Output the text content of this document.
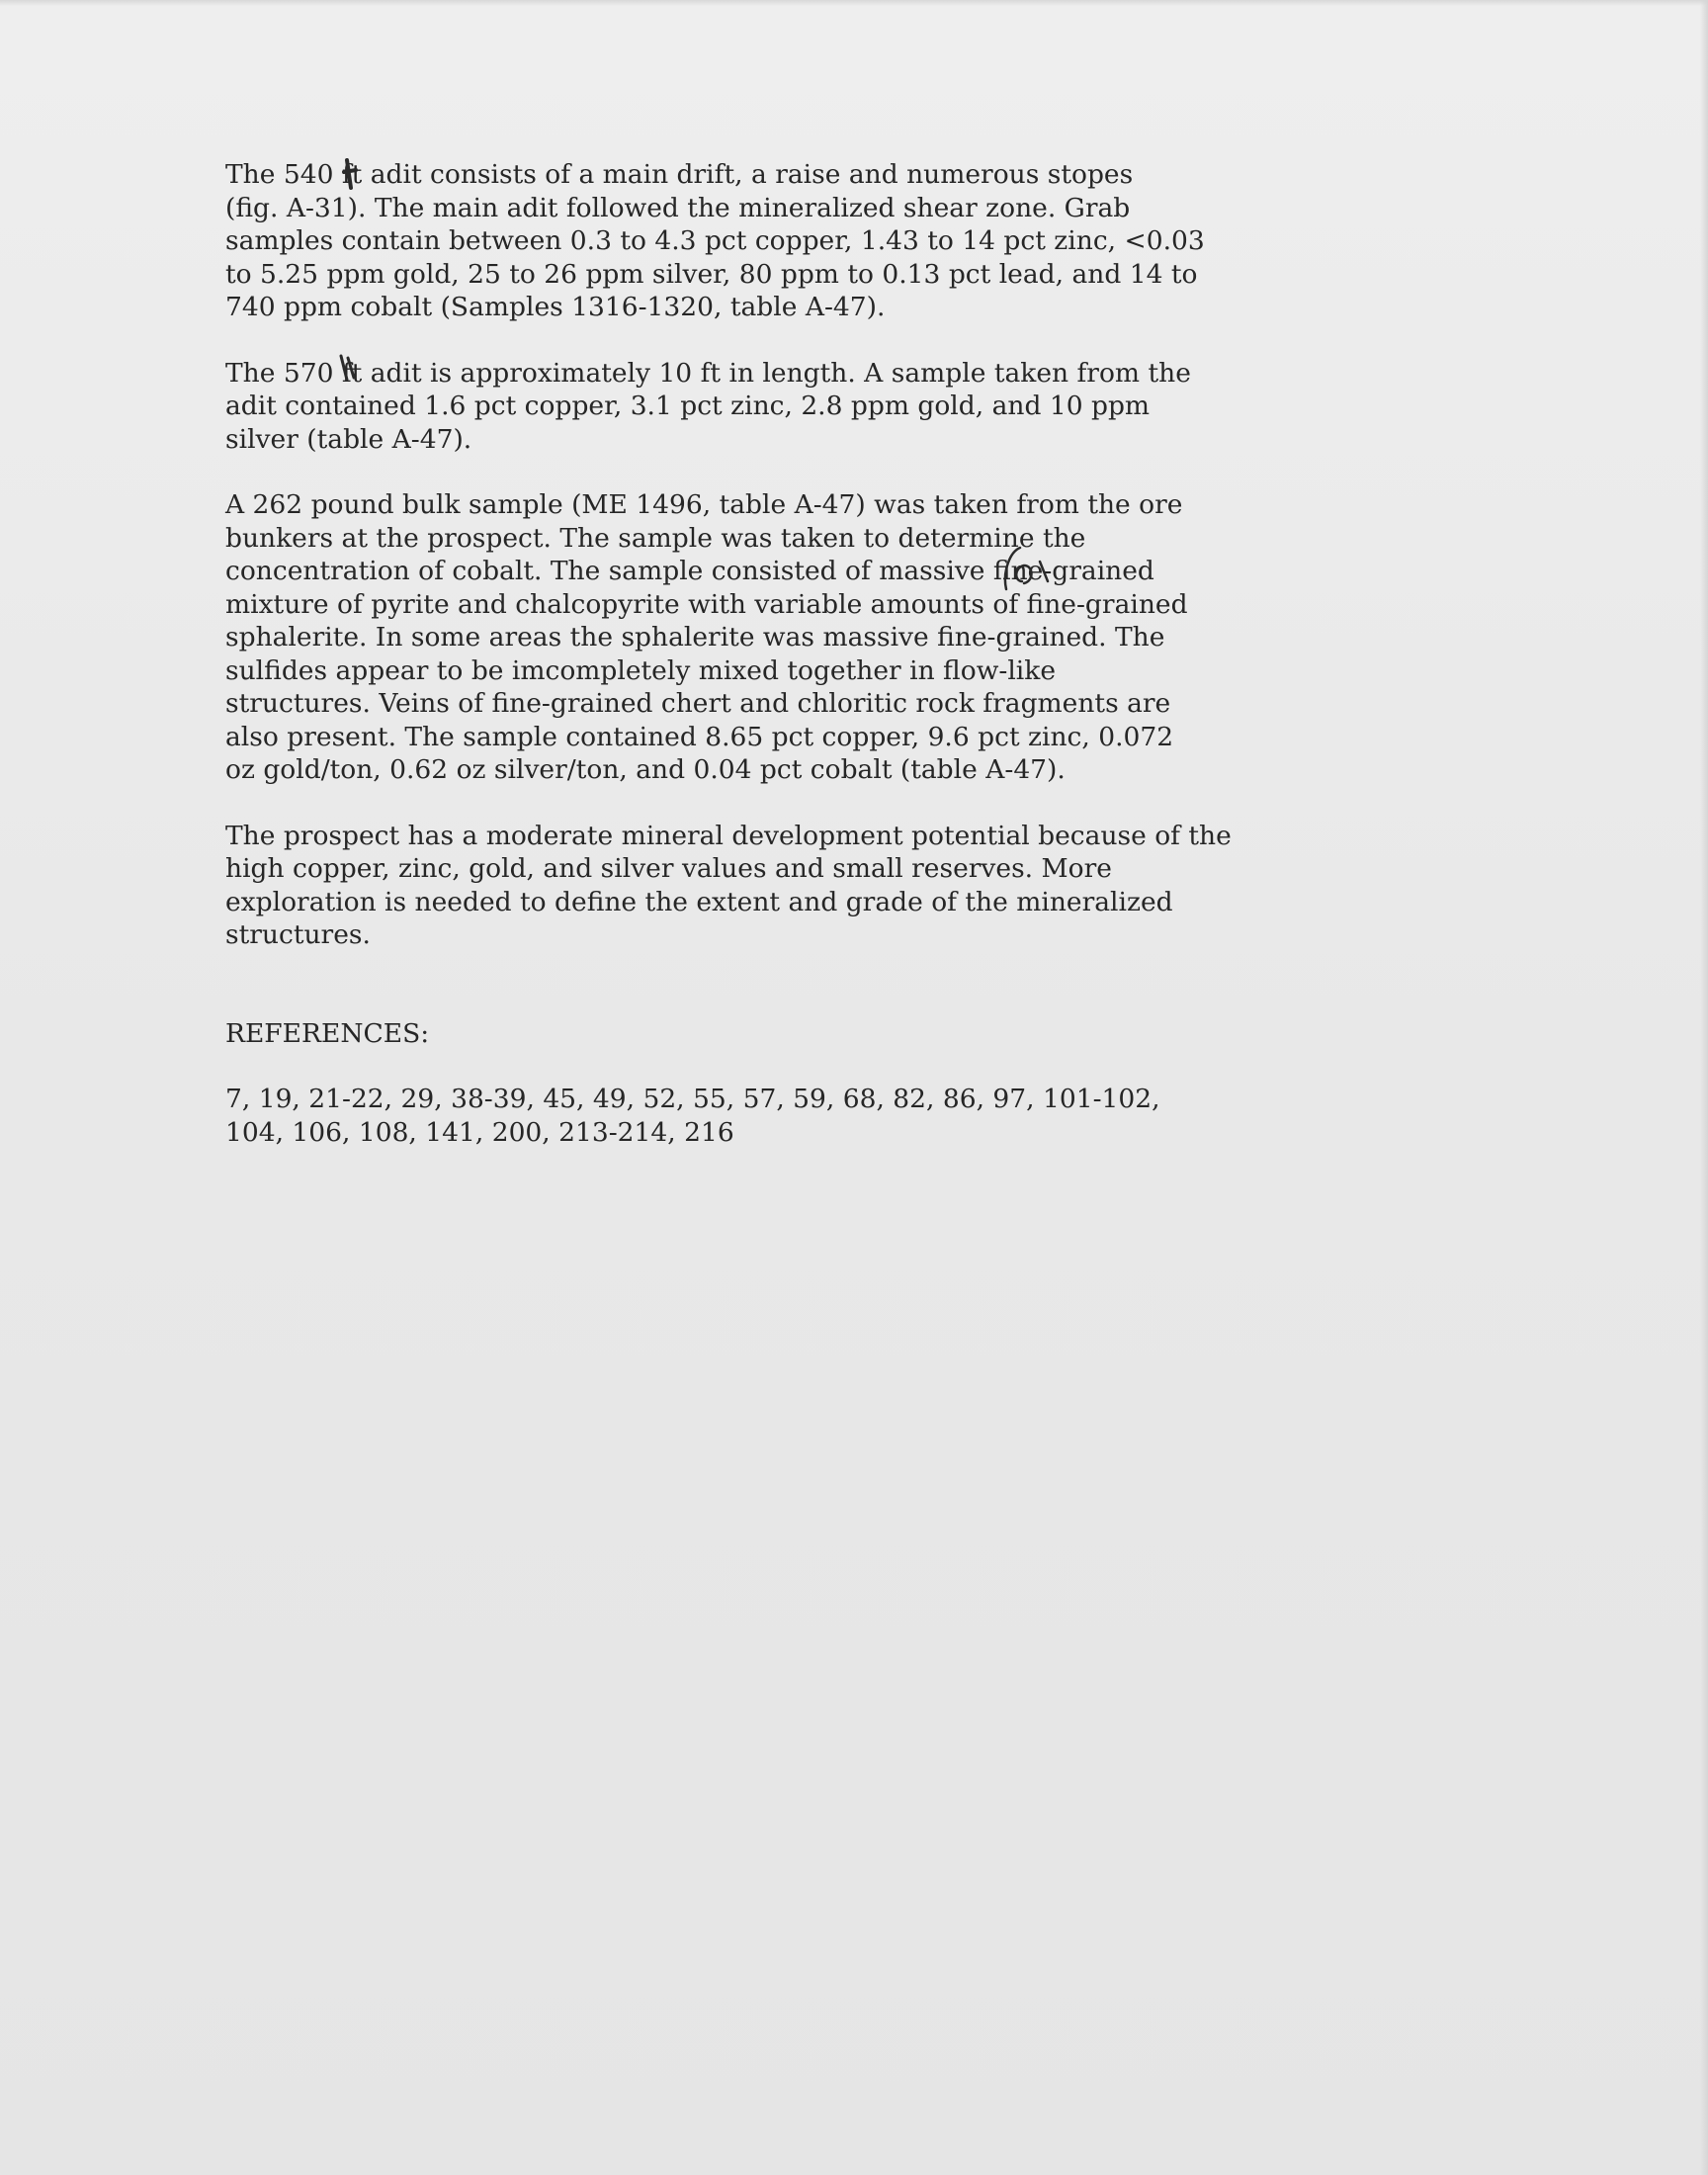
The 540 ft adit consists of a main drift, a raise and numerous stopes
(fig. A-31). The main adit followed the mineralized shear zone. Grab
samples contain between 0.3 to 4.3 pct copper, 1.43 to 14 pct zinc, <0.03
to 5.25 ppm gold, 25 to 26 ppm silver, 80 ppm to 0.13 pct lead, and 14 to
740 ppm cobalt (Samples 1316-1320, table A-47).

The 570 ft adit is approximately 10 ft in length. A sample taken from the
adit contained 1.6 pct copper, 3.1 pct zinc, 2.8 ppm gold, and 10 ppm
silver (table A-47).

A 262 pound bulk sample (ME 1496, table A-47) was taken from the ore
bunkers at the prospect. The sample was taken to determine the
concentration of cobalt. The sample consisted of massive fine-grained
mixture of pyrite and chalcopyrite with variable amounts of fine-grained
sphalerite. In some areas the sphalerite was massive fine-grained. The
sulfides appear to be imcompletely mixed together in flow-like
structures. Veins of fine-grained chert and chloritic rock fragments are
also present. The sample contained 8.65 pct copper, 9.6 pct zinc, 0.072
oz gold/ton, 0.62 oz silver/ton, and 0.04 pct cobalt (table A-47).

The prospect has a moderate mineral development potential because of the
high copper, zinc, gold, and silver values and small reserves. More
exploration is needed to define the extent and grade of the mineralized
structures.

REFERENCES:

7, 19, 21-22, 29, 38-39, 45, 49, 52, 55, 57, 59, 68, 82, 86, 97, 101-102,
104, 106, 108, 141, 200, 213-214, 216
